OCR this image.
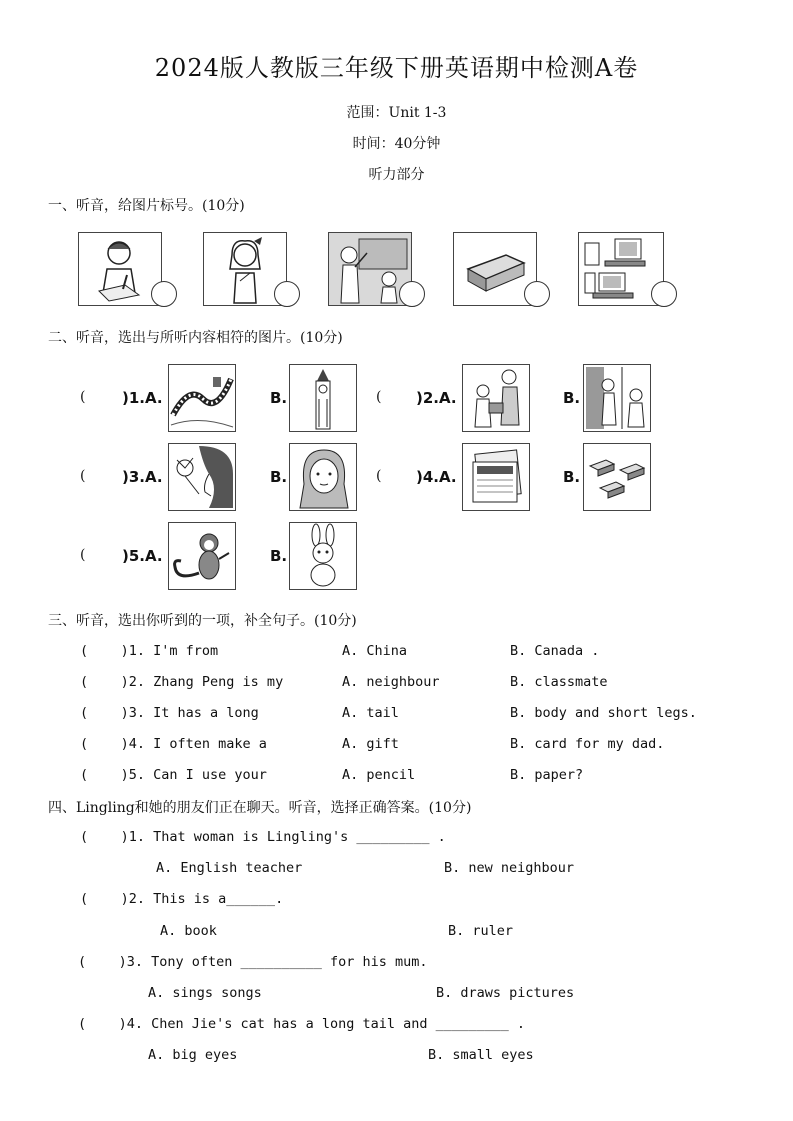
2024版人教版三年级下册英语期中检测A卷
范围：Unit 1-3
时间：40分钟
听力部分
一、听音，给图片标号。(10分)
二、听音，选出与所听内容相符的图片。(10分)
( )1.A.	B.	( )2.A.	B.
( )3.A.	B.	( )4.A.	B.
( )5.A.	B.
三、听音，选出你听到的一项，补全句子。(10分)
(    )1. I'm from	A. China	B. Canada .
(    )2. Zhang Peng is my	A. neighbour	B. classmate
(    )3. It has a long	A. tail	B. body and short legs.
(    )4. I often make a	A. gift	B. card for my dad.
(    )5. Can I use your	A. pencil	B. paper?
四、Lingling和她的朋友们正在聊天。听音，选择正确答案。(10分)
(    )1. That woman is Lingling's _________ .
A. English teacher	B. new neighbour
(    )2. This is a______.
A. book	B. ruler
(    )3. Tony often __________ for his mum.
A. sings songs	B. draws pictures
(    )4. Chen Jie's cat has a long tail and _________ .
A. big eyes	B. small eyes
